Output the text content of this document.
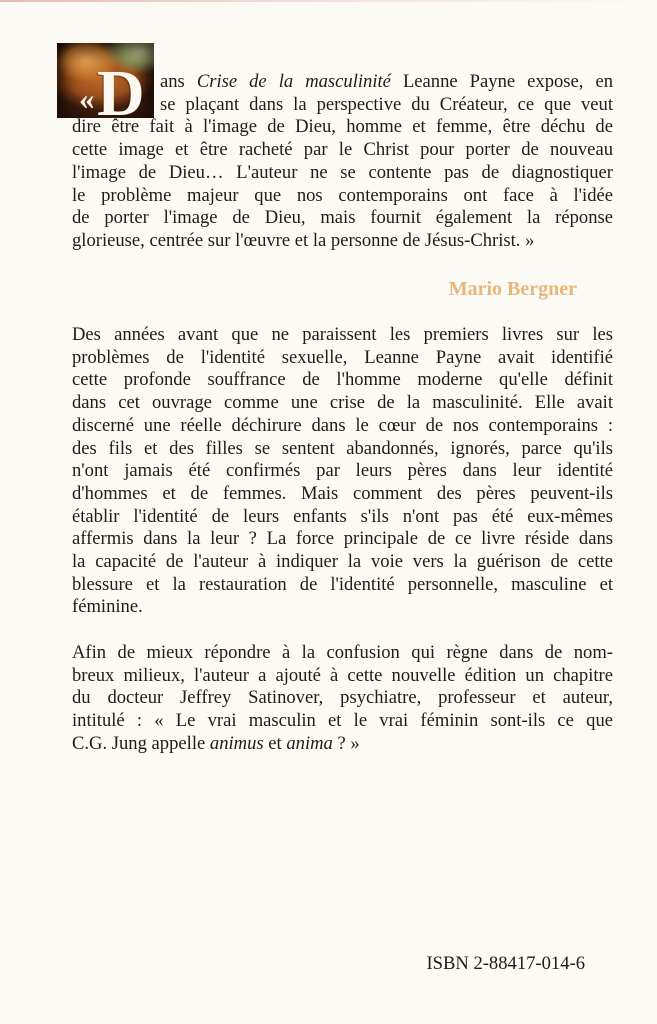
« D ans Crise de la masculinité Leanne Payne expose, en
se plaçant dans la perspective du Créateur, ce que veut
dire être fait à l'image de Dieu, homme et femme, être déchu de
cette image et être racheté par le Christ pour porter de nouveau
l'image de Dieu… L'auteur ne se contente pas de diagnostiquer
le problème majeur que nos contemporains ont face à l'idée
de porter l'image de Dieu, mais fournit également la réponse
glorieuse, centrée sur l'œuvre et la personne de Jésus-Christ. »
Mario Bergner
Des années avant que ne paraissent les premiers livres sur les
problèmes de l'identité sexuelle, Leanne Payne avait identifié
cette profonde souffrance de l'homme moderne qu'elle définit
dans cet ouvrage comme une crise de la masculinité. Elle avait
discerné une réelle déchirure dans le cœur de nos contemporains :
des fils et des filles se sentent abandonnés, ignorés, parce qu'ils
n'ont jamais été confirmés par leurs pères dans leur identité
d'hommes et de femmes. Mais comment des pères peuvent-ils
établir l'identité de leurs enfants s'ils n'ont pas été eux-mêmes
affermis dans la leur ? La force principale de ce livre réside dans
la capacité de l'auteur à indiquer la voie vers la guérison de cette
blessure et la restauration de l'identité personnelle, masculine et
féminine.
Afin de mieux répondre à la confusion qui règne dans de nom-
breux milieux, l'auteur a ajouté à cette nouvelle édition un chapitre
du docteur Jeffrey Satinover, psychiatre, professeur et auteur,
intitulé : « Le vrai masculin et le vrai féminin sont-ils ce que
C.G. Jung appelle animus et anima ? »
ISBN 2-88417-014-6
